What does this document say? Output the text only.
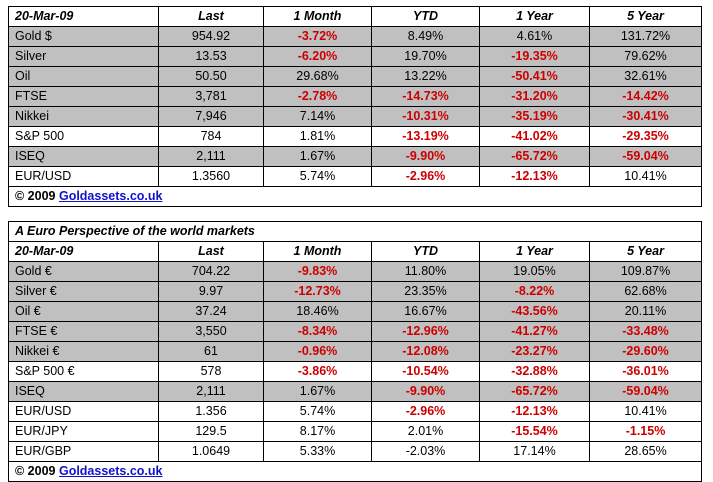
20-Mar-09	Last	1 Month	YTD	1 Year	5 Year
Gold $	954.92	-3.72%	8.49%	4.61%	131.72%
Silver	13.53	-6.20%	19.70%	-19.35%	79.62%
Oil	50.50	29.68%	13.22%	-50.41%	32.61%
FTSE	3,781	-2.78%	-14.73%	-31.20%	-14.42%
Nikkei	7,946	7.14%	-10.31%	-35.19%	-30.41%
S&P 500	784	1.81%	-13.19%	-41.02%	-29.35%
ISEQ	2,111	1.67%	-9.90%	-65.72%	-59.04%
EUR/USD	1.3560	5.74%	-2.96%	-12.13%	10.41%
© 2009 Goldassets.co.uk					
A Euro Perspective of the world markets					
20-Mar-09	Last	1 Month	YTD	1 Year	5 Year
Gold €	704.22	-9.83%	11.80%	19.05%	109.87%
Silver €	9.97	-12.73%	23.35%	-8.22%	62.68%
Oil €	37.24	18.46%	16.67%	-43.56%	20.11%
FTSE €	3,550	-8.34%	-12.96%	-41.27%	-33.48%
Nikkei €	61	-0.96%	-12.08%	-23.27%	-29.60%
S&P 500 €	578	-3.86%	-10.54%	-32.88%	-36.01%
ISEQ	2,111	1.67%	-9.90%	-65.72%	-59.04%
EUR/USD	1.356	5.74%	-2.96%	-12.13%	10.41%
EUR/JPY	129.5	8.17%	2.01%	-15.54%	-1.15%
EUR/GBP	1.0649	5.33%	-2.03%	17.14%	28.65%
© 2009 Goldassets.co.uk					
